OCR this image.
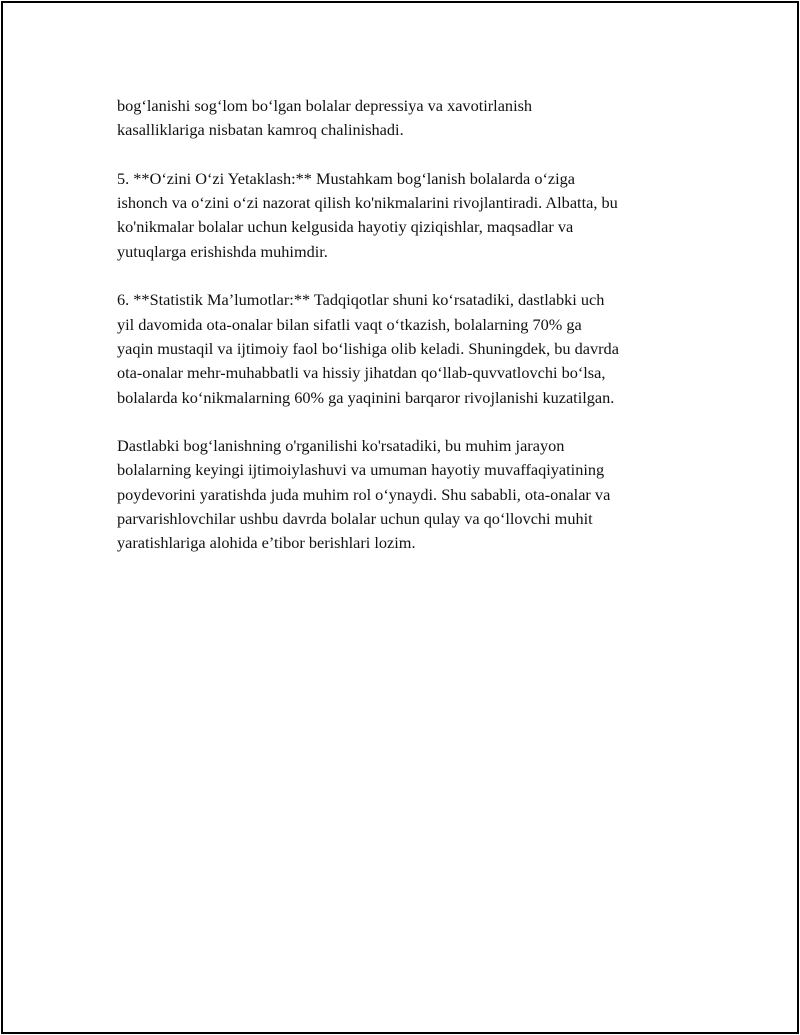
bog‘lanishi sog‘lom bo‘lgan bolalar depressiya va xavotirlanish
kasalliklariga nisbatan kamroq chalinishadi.

5. **O‘zini O‘zi Yetaklash:** Mustahkam bog‘lanish bolalarda o‘ziga
ishonch va o‘zini o‘zi nazorat qilish ko'nikmalarini rivojlantiradi. Albatta, bu
ko'nikmalar bolalar uchun kelgusida hayotiy qiziqishlar, maqsadlar va
yutuqlarga erishishda muhimdir.

6. **Statistik Ma’lumotlar:** Tadqiqotlar shuni ko‘rsatadiki, dastlabki uch
yil davomida ota-onalar bilan sifatli vaqt o‘tkazish, bolalarning 70% ga
yaqin mustaqil va ijtimoiy faol bo‘lishiga olib keladi. Shuningdek, bu davrda
ota-onalar mehr-muhabbatli va hissiy jihatdan qo‘llab-quvvatlovchi bo‘lsa,
bolalarda ko‘nikmalarning 60% ga yaqinini barqaror rivojlanishi kuzatilgan.

Dastlabki bog‘lanishning o'rganilishi ko'rsatadiki, bu muhim jarayon
bolalarning keyingi ijtimoiylashuvi va umuman hayotiy muvaffaqiyatining
poydevorini yaratishda juda muhim rol o‘ynaydi. Shu sababli, ota-onalar va
parvarishlovchilar ushbu davrda bolalar uchun qulay va qo‘llovchi muhit
yaratishlariga alohida e’tibor berishlari lozim.
